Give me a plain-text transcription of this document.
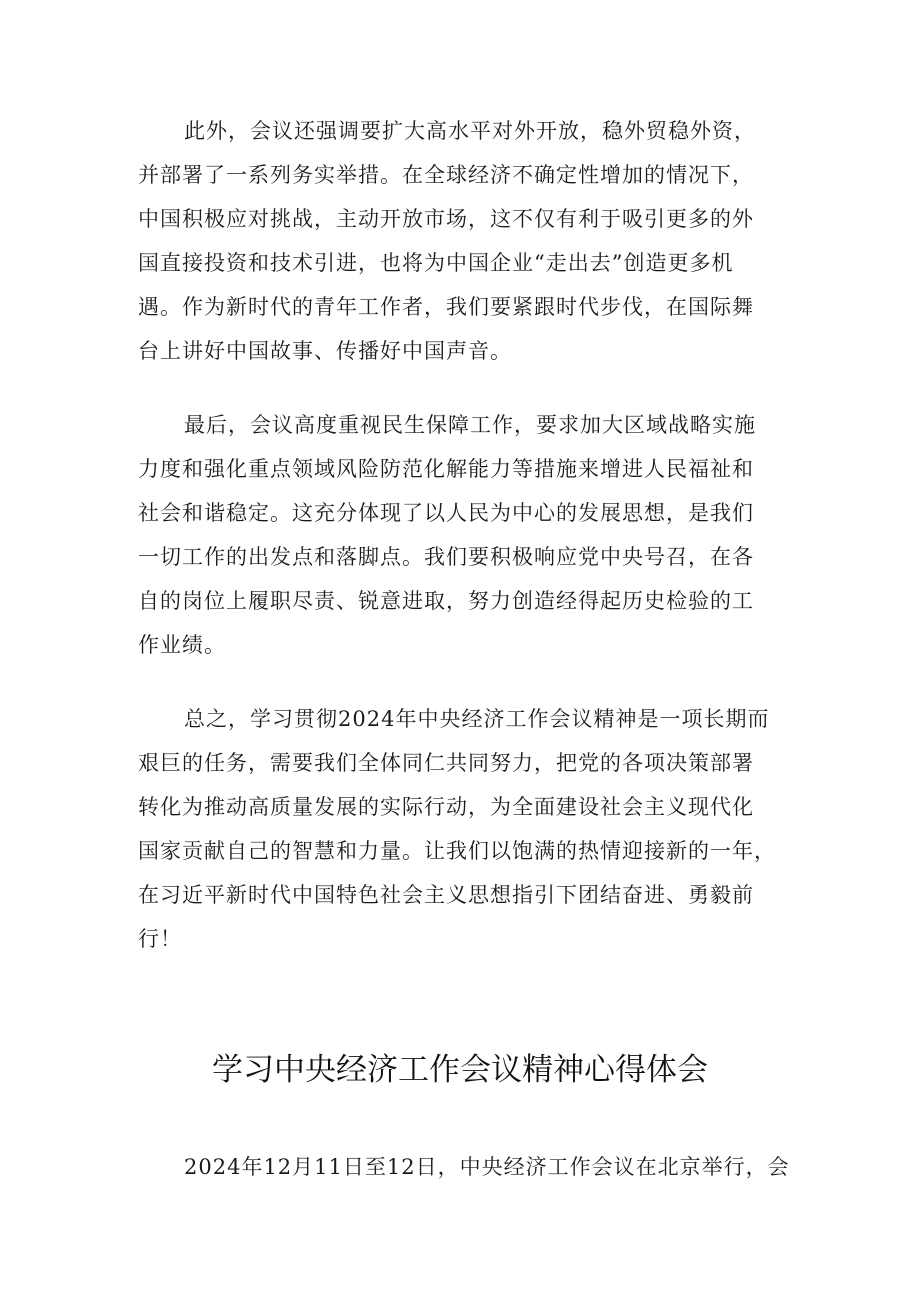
此外，会议还强调要扩大高水平对外开放，稳外贸稳外资，
并部署了一系列务实举措。在全球经济不确定性增加的情况下，
中国积极应对挑战，主动开放市场，这不仅有利于吸引更多的外
国直接投资和技术引进，也将为中国企业“走出去”创造更多机
遇。作为新时代的青年工作者，我们要紧跟时代步伐，在国际舞
台上讲好中国故事、传播好中国声音。
最后，会议高度重视民生保障工作，要求加大区域战略实施
力度和强化重点领域风险防范化解能力等措施来增进人民福祉和
社会和谐稳定。这充分体现了以人民为中心的发展思想，是我们
一切工作的出发点和落脚点。我们要积极响应党中央号召，在各
自的岗位上履职尽责、锐意进取，努力创造经得起历史检验的工
作业绩。
总之，学习贯彻2024年中央经济工作会议精神是一项长期而
艰巨的任务，需要我们全体同仁共同努力，把党的各项决策部署
转化为推动高质量发展的实际行动，为全面建设社会主义现代化
国家贡献自己的智慧和力量。让我们以饱满的热情迎接新的一年，
在习近平新时代中国特色社会主义思想指引下团结奋进、勇毅前
行！
学习中央经济工作会议精神心得体会
2024年12月11日至12日，中央经济工作会议在北京举行，会
